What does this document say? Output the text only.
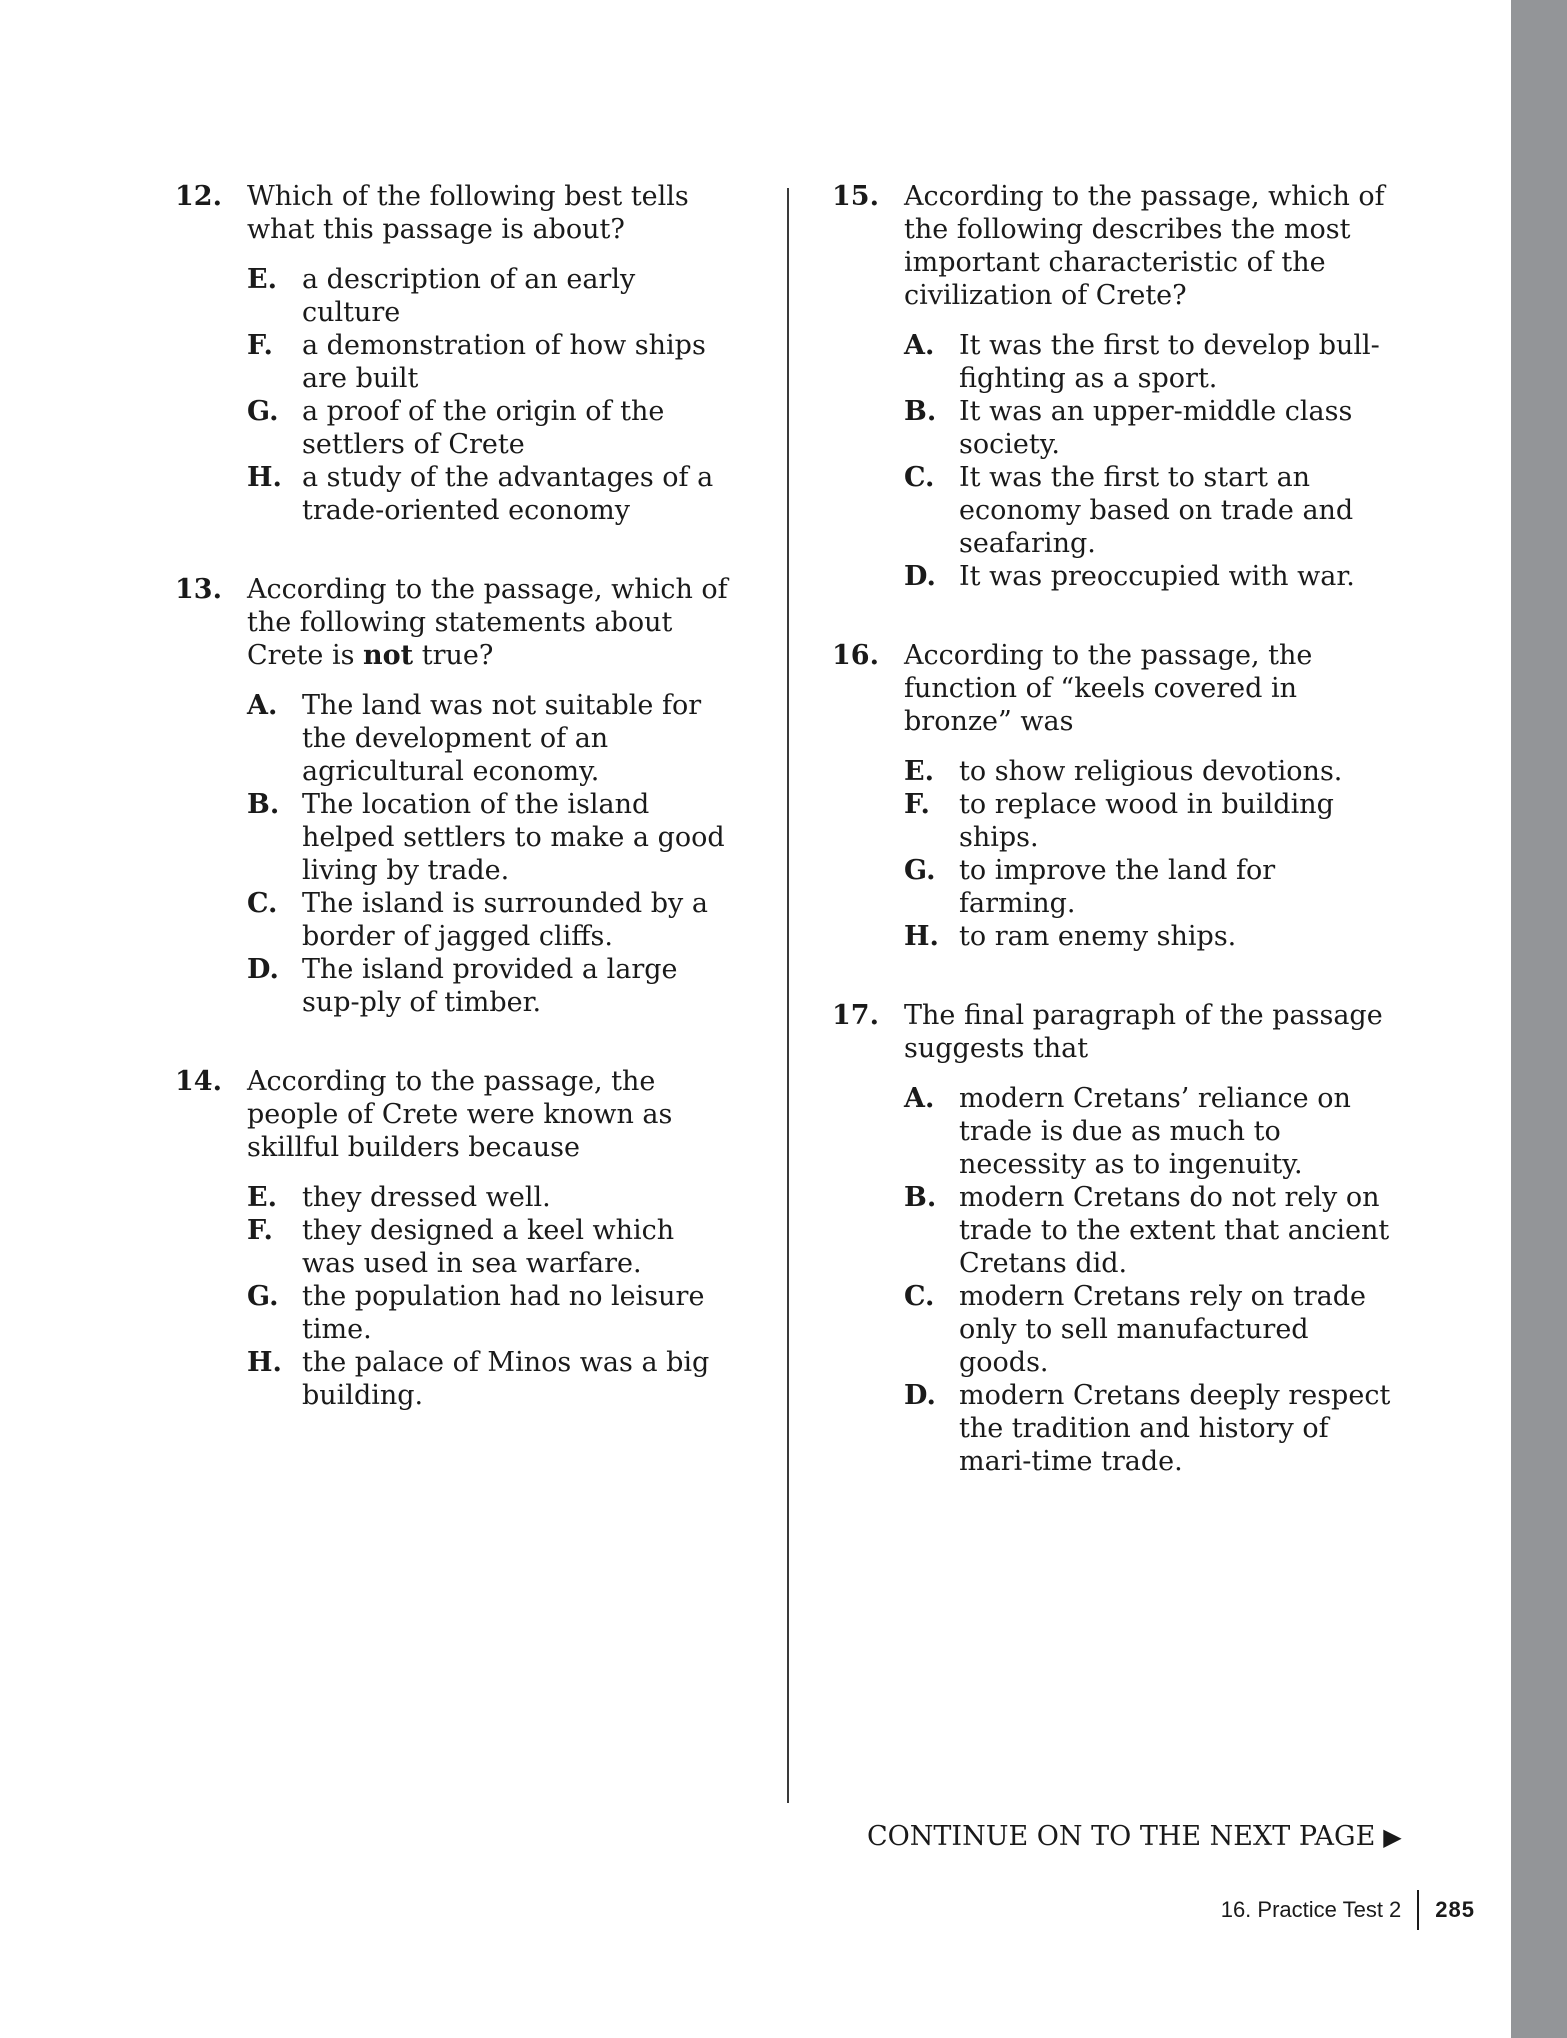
12. Which of the following best tells what this passage is about?
E. a description of an early culture
F. a demonstration of how ships are built
G. a proof of the origin of the settlers of Crete
H. a study of the advantages of a trade-oriented economy
13. According to the passage, which of the following statements about Crete is not true?
A. The land was not suitable for the development of an agricultural economy.
B. The location of the island helped settlers to make a good living by trade.
C. The island is surrounded by a border of jagged cliffs.
D. The island provided a large sup-ply of timber.
14. According to the passage, the people of Crete were known as skillful builders because
E. they dressed well.
F. they designed a keel which was used in sea warfare.
G. the population had no leisure time.
H. the palace of Minos was a big building.
15. According to the passage, which of the following describes the most important characteristic of the civilization of Crete?
A. It was the first to develop bull-fighting as a sport.
B. It was an upper-middle class society.
C. It was the first to start an economy based on trade and seafaring.
D. It was preoccupied with war.
16. According to the passage, the function of “keels covered in bronze” was
E. to show religious devotions.
F. to replace wood in building ships.
G. to improve the land for farming.
H. to ram enemy ships.
17. The final paragraph of the passage suggests that
A. modern Cretans’ reliance on trade is due as much to necessity as to ingenuity.
B. modern Cretans do not rely on trade to the extent that ancient Cretans did.
C. modern Cretans rely on trade only to sell manufactured goods.
D. modern Cretans deeply respect the tradition and history of mari-time trade.
CONTINUE ON TO THE NEXT PAGE ▶
16. Practice Test 2	285
